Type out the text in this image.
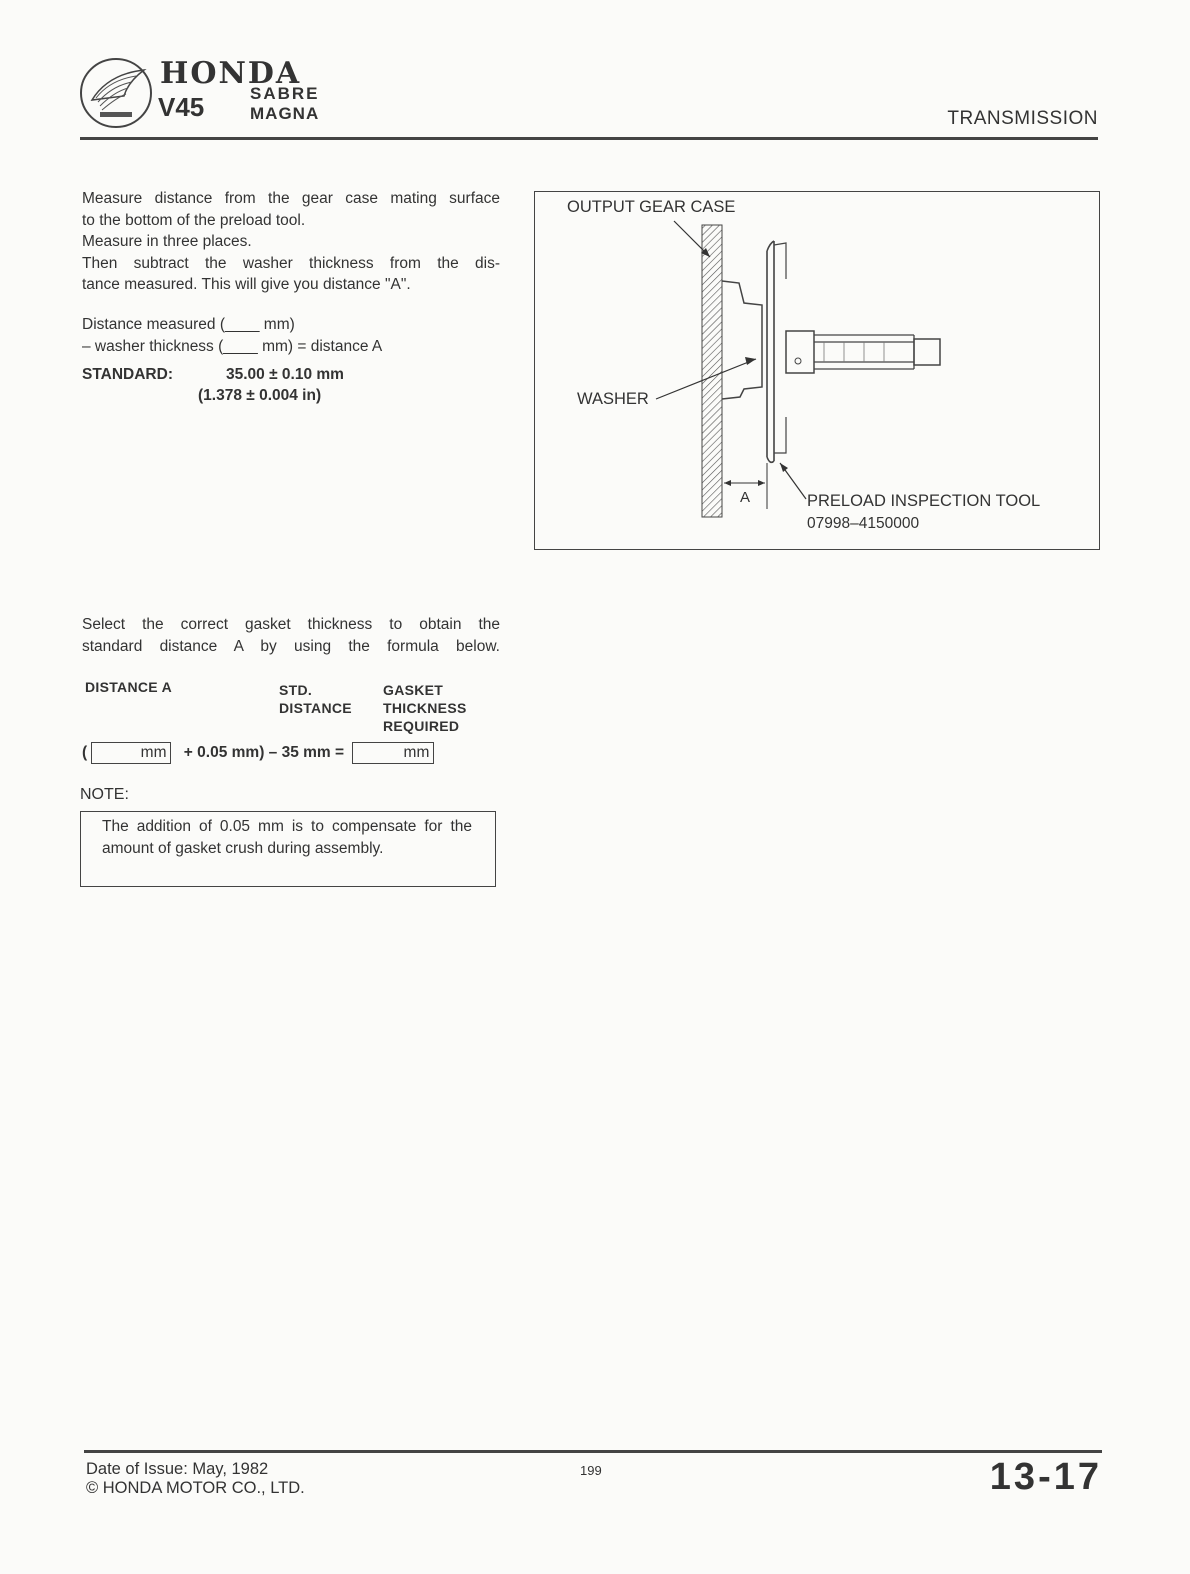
HONDA
V45	SABRE
MAGNA	TRANSMISSION
Measure distance from the gear case mating surface
to the bottom of the preload tool.
Measure in three places.
Then subtract the washer thickness from the dis-
tance measured. This will give you distance "A".
Distance measured (____ mm)
– washer thickness (____ mm) = distance A
STANDARD:	35.00 ± 0.10 mm
(1.378 ± 0.004 in)
OUTPUT GEAR CASE
WASHER
A	PRELOAD INSPECTION TOOL
07998–4150000
Select the correct gasket thickness to obtain the
standard distance A by using the formula below.
DISTANCE A	STD.
DISTANCE
GASKET
THICKNESS
REQUIRED
(	mm + 0.05 mm) – 35 mm =	mm
NOTE:
The addition of 0.05 mm is to compensate for the amount of gasket crush during assembly.
Date of Issue: May, 1982
© HONDA MOTOR CO., LTD.
199	13-17
